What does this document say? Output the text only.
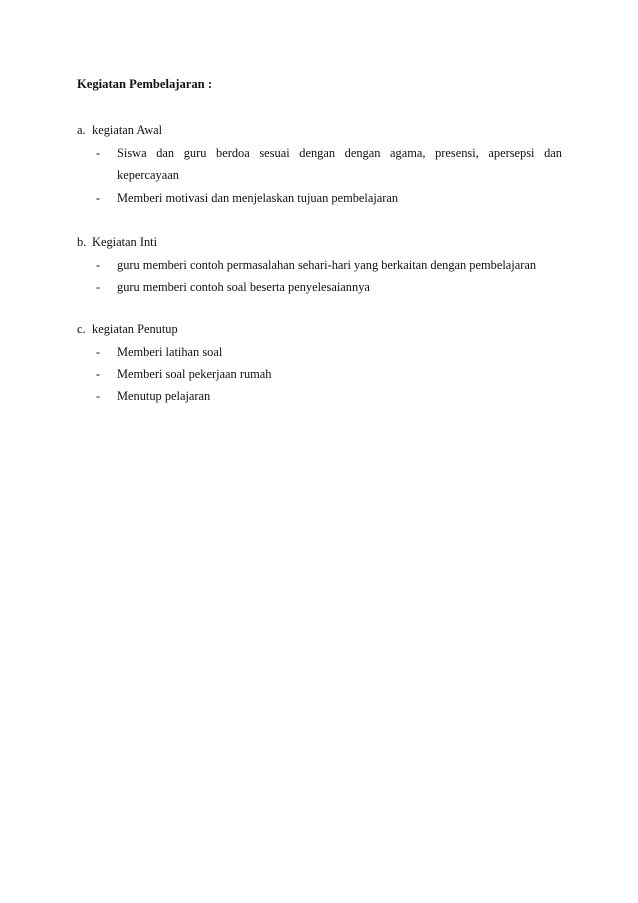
Kegiatan Pembelajaran :
a. kegiatan Awal
- Siswa dan guru berdoa sesuai dengan dengan agama, presensi, apersepsi dan
kepercayaan
- Memberi motivasi dan menjelaskan tujuan pembelajaran
b. Kegiatan Inti
- guru memberi contoh permasalahan sehari-hari yang berkaitan dengan pembelajaran
- guru memberi contoh soal beserta penyelesaiannya
c. kegiatan Penutup
- Memberi latihan soal
- Memberi soal pekerjaan rumah
- Menutup pelajaran
